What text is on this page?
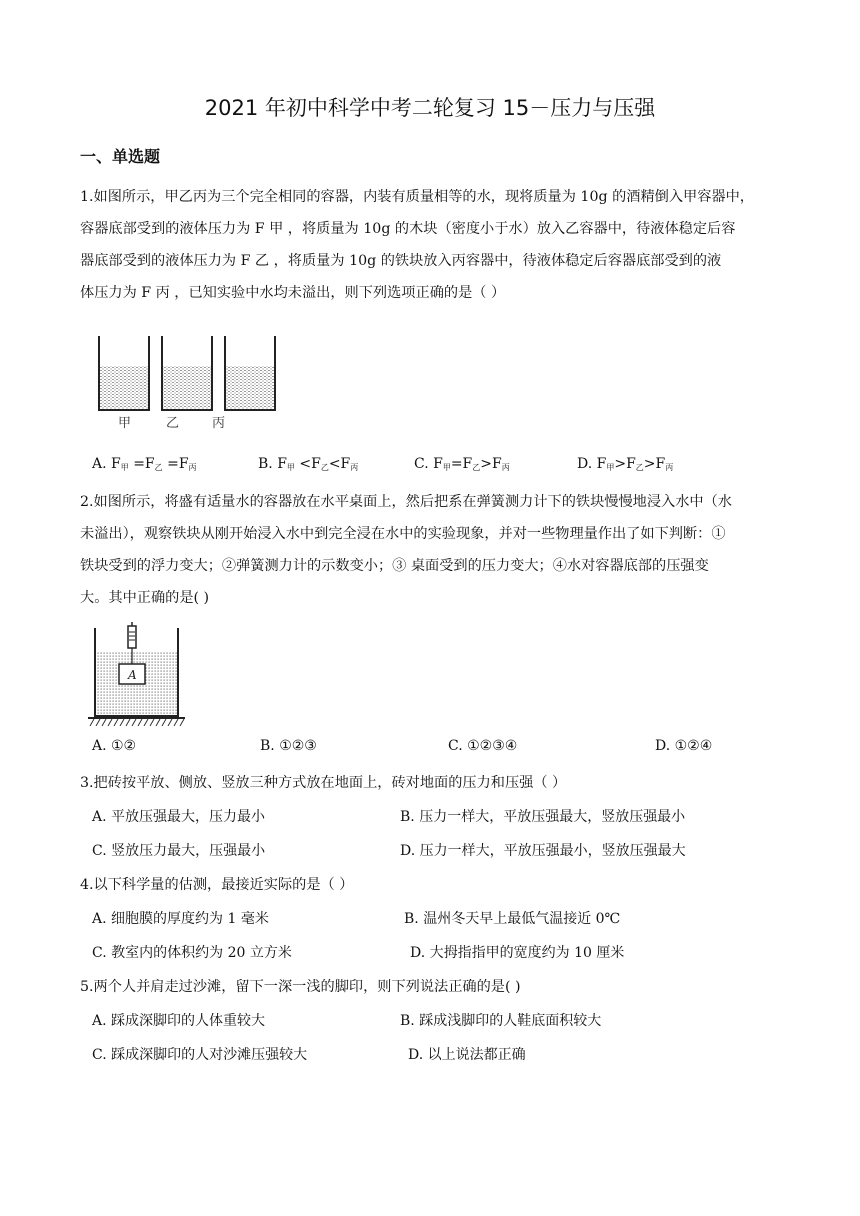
2021 年初中科学中考二轮复习 15－压力与压强
一、单选题
1.如图所示，甲乙丙为三个完全相同的容器，内装有质量相等的水，现将质量为 10g 的酒精倒入甲容器中，
容器底部受到的液体压力为 F 甲 ，将质量为 10g 的木块（密度小于水）放入乙容器中，待液体稳定后容
器底部受到的液体压力为 F 乙 ，将质量为 10g 的铁块放入丙容器中，待液体稳定后容器底部受到的液
体压力为 F 丙 ，已知实验中水均未溢出，则下列选项正确的是（ ）
甲	乙	丙
A. $F_甲 =F_乙 =F_丙$	B. $F_甲 <F_乙<F_丙$	C. $F_甲=F_乙>F_丙$	D. $F_甲>F_乙>F_丙$
2.如图所示，将盛有适量水的容器放在水平桌面上，然后把系在弹簧测力计下的铁块慢慢地浸入水中（水
未溢出），观察铁块从刚开始浸入水中到完全浸在水中的实验现象，并对一些物理量作出了如下判断：①
铁块受到的浮力变大；②弹簧测力计的示数变小；③ 桌面受到的压力变大；④水对容器底部的压强变
大。其中正确的是( )
A
A. ①②	B. ①②③	C. ①②③④	D. ①②④
3.把砖按平放、侧放、竖放三种方式放在地面上，砖对地面的压力和压强（ ）
A. 平放压强最大，压力最小	B. 压力一样大，平放压强最大，竖放压强最小
C. 竖放压力最大，压强最小	D. 压力一样大，平放压强最小，竖放压强最大
4.以下科学量的估测，最接近实际的是（ ）
A. 细胞膜的厚度约为 1 毫米	B. 温州冬天早上最低气温接近 0℃
C. 教室内的体积约为 20 立方米	D. 大拇指指甲的宽度约为 10 厘米
5.两个人并肩走过沙滩，留下一深一浅的脚印，则下列说法正确的是( )
A. 踩成深脚印的人体重较大	B. 踩成浅脚印的人鞋底面积较大
C. 踩成深脚印的人对沙滩压强较大	D. 以上说法都正确
